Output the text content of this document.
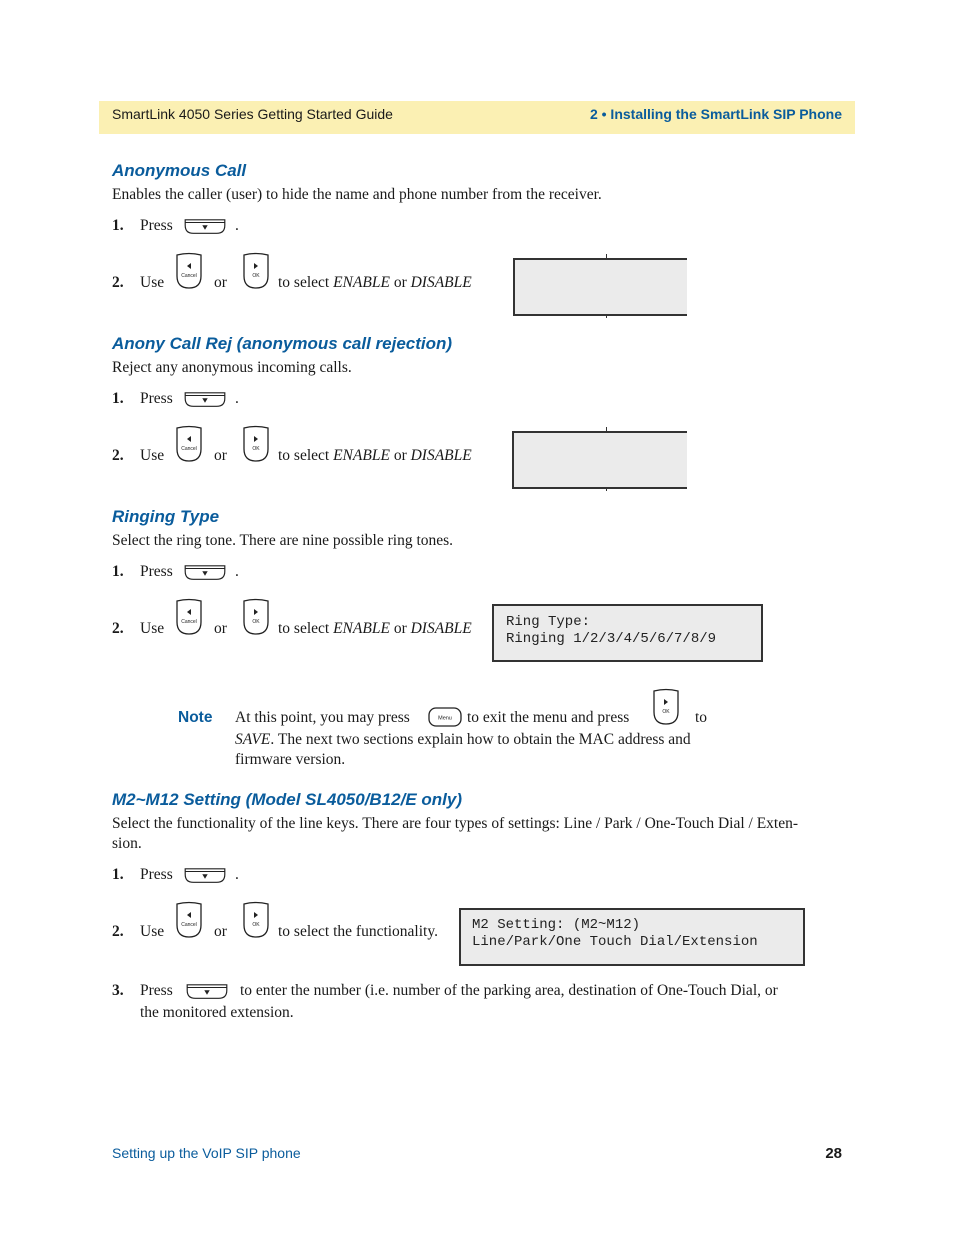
SmartLink 4050 Series Getting Started Guide	2 • Installing the SmartLink SIP Phone
Anonymous Call
Enables the caller (user) to hide the name and phone number from the receiver.
1. Press	.
2. Use	Cancel or	OK to select ENABLE or DISABLE
Anony Call Rej (anonymous call rejection)
Reject any anonymous incoming calls.
1. Press	.
2. Use	Cancel or	OK to select ENABLE or DISABLE
Ringing Type
Select the ring tone. There are nine possible ring tones.
1. Press	.
2. Use	Cancel or	OK to select ENABLE or DISABLE Ring Type:
Ringing 1/2/3/4/5/6/7/8/9
Note At this point, you may press	Menu to exit the menu and press	OK to
SAVE. The next two sections explain how to obtain the MAC address and
firmware version.
M2~M12 Setting (Model SL4050/B12/E only)
Select the functionality of the line keys. There are four types of settings: Line / Park / One-Touch Dial / Exten-
sion.
1. Press	.
2. Use	Cancel or	OK to select the functionality. M2 Setting: (M2~M12)
Line/Park/One Touch Dial/Extension
3. Press	to enter the number (i.e. number of the parking area, destination of One-Touch Dial, or
the monitored extension.
Setting up the VoIP SIP phone	28
